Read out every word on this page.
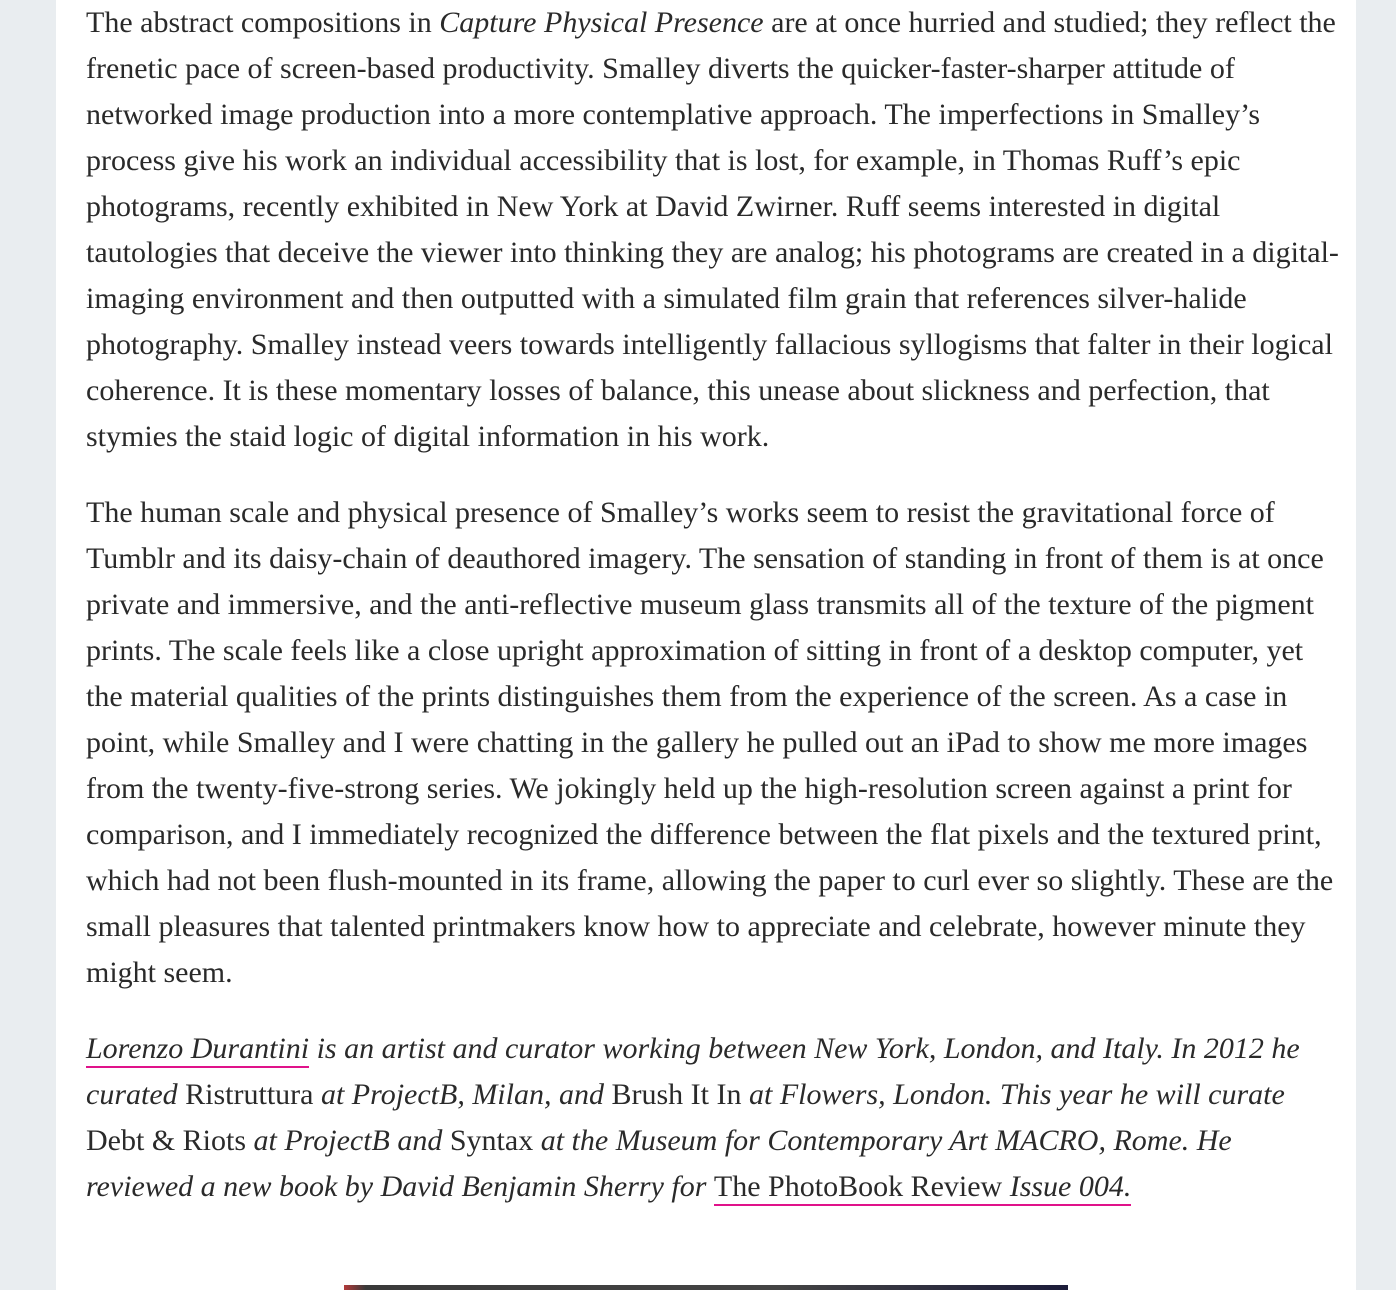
The abstract compositions in Capture Physical Presence are at once hurried and studied; they reflect the frenetic pace of screen-based productivity. Smalley diverts the quicker-faster-sharper attitude of networked image production into a more contemplative approach. The imperfections in Smalley’s process give his work an individual accessibility that is lost, for example, in Thomas Ruff’s epic photograms, recently exhibited in New York at David Zwirner. Ruff seems interested in digital tautologies that deceive the viewer into thinking they are analog; his photograms are created in a digital-imaging environment and then outputted with a simulated film grain that references silver-halide photography. Smalley instead veers towards intelligently fallacious syllogisms that falter in their logical coherence. It is these momentary losses of balance, this unease about slickness and perfection, that stymies the staid logic of digital information in his work.

The human scale and physical presence of Smalley’s works seem to resist the gravitational force of Tumblr and its daisy-chain of deauthored imagery. The sensation of standing in front of them is at once private and immersive, and the anti-reflective museum glass transmits all of the texture of the pigment prints. The scale feels like a close upright approximation of sitting in front of a desktop computer, yet the material qualities of the prints distinguishes them from the experience of the screen. As a case in point, while Smalley and I were chatting in the gallery he pulled out an iPad to show me more images from the twenty-five-strong series. We jokingly held up the high-resolution screen against a print for comparison, and I immediately recognized the difference between the flat pixels and the textured print, which had not been flush-mounted in its frame, allowing the paper to curl ever so slightly. These are the small pleasures that talented printmakers know how to appreciate and celebrate, however minute they might seem.

Lorenzo Durantini is an artist and curator working between New York, London, and Italy. In 2012 he curated Ristruttura at ProjectB, Milan, and Brush It In at Flowers, London. This year he will curate Debt & Riots at ProjectB and Syntax at the Museum for Contemporary Art MACRO, Rome. He reviewed a new book by David Benjamin Sherry for The PhotoBook Review Issue 004.
